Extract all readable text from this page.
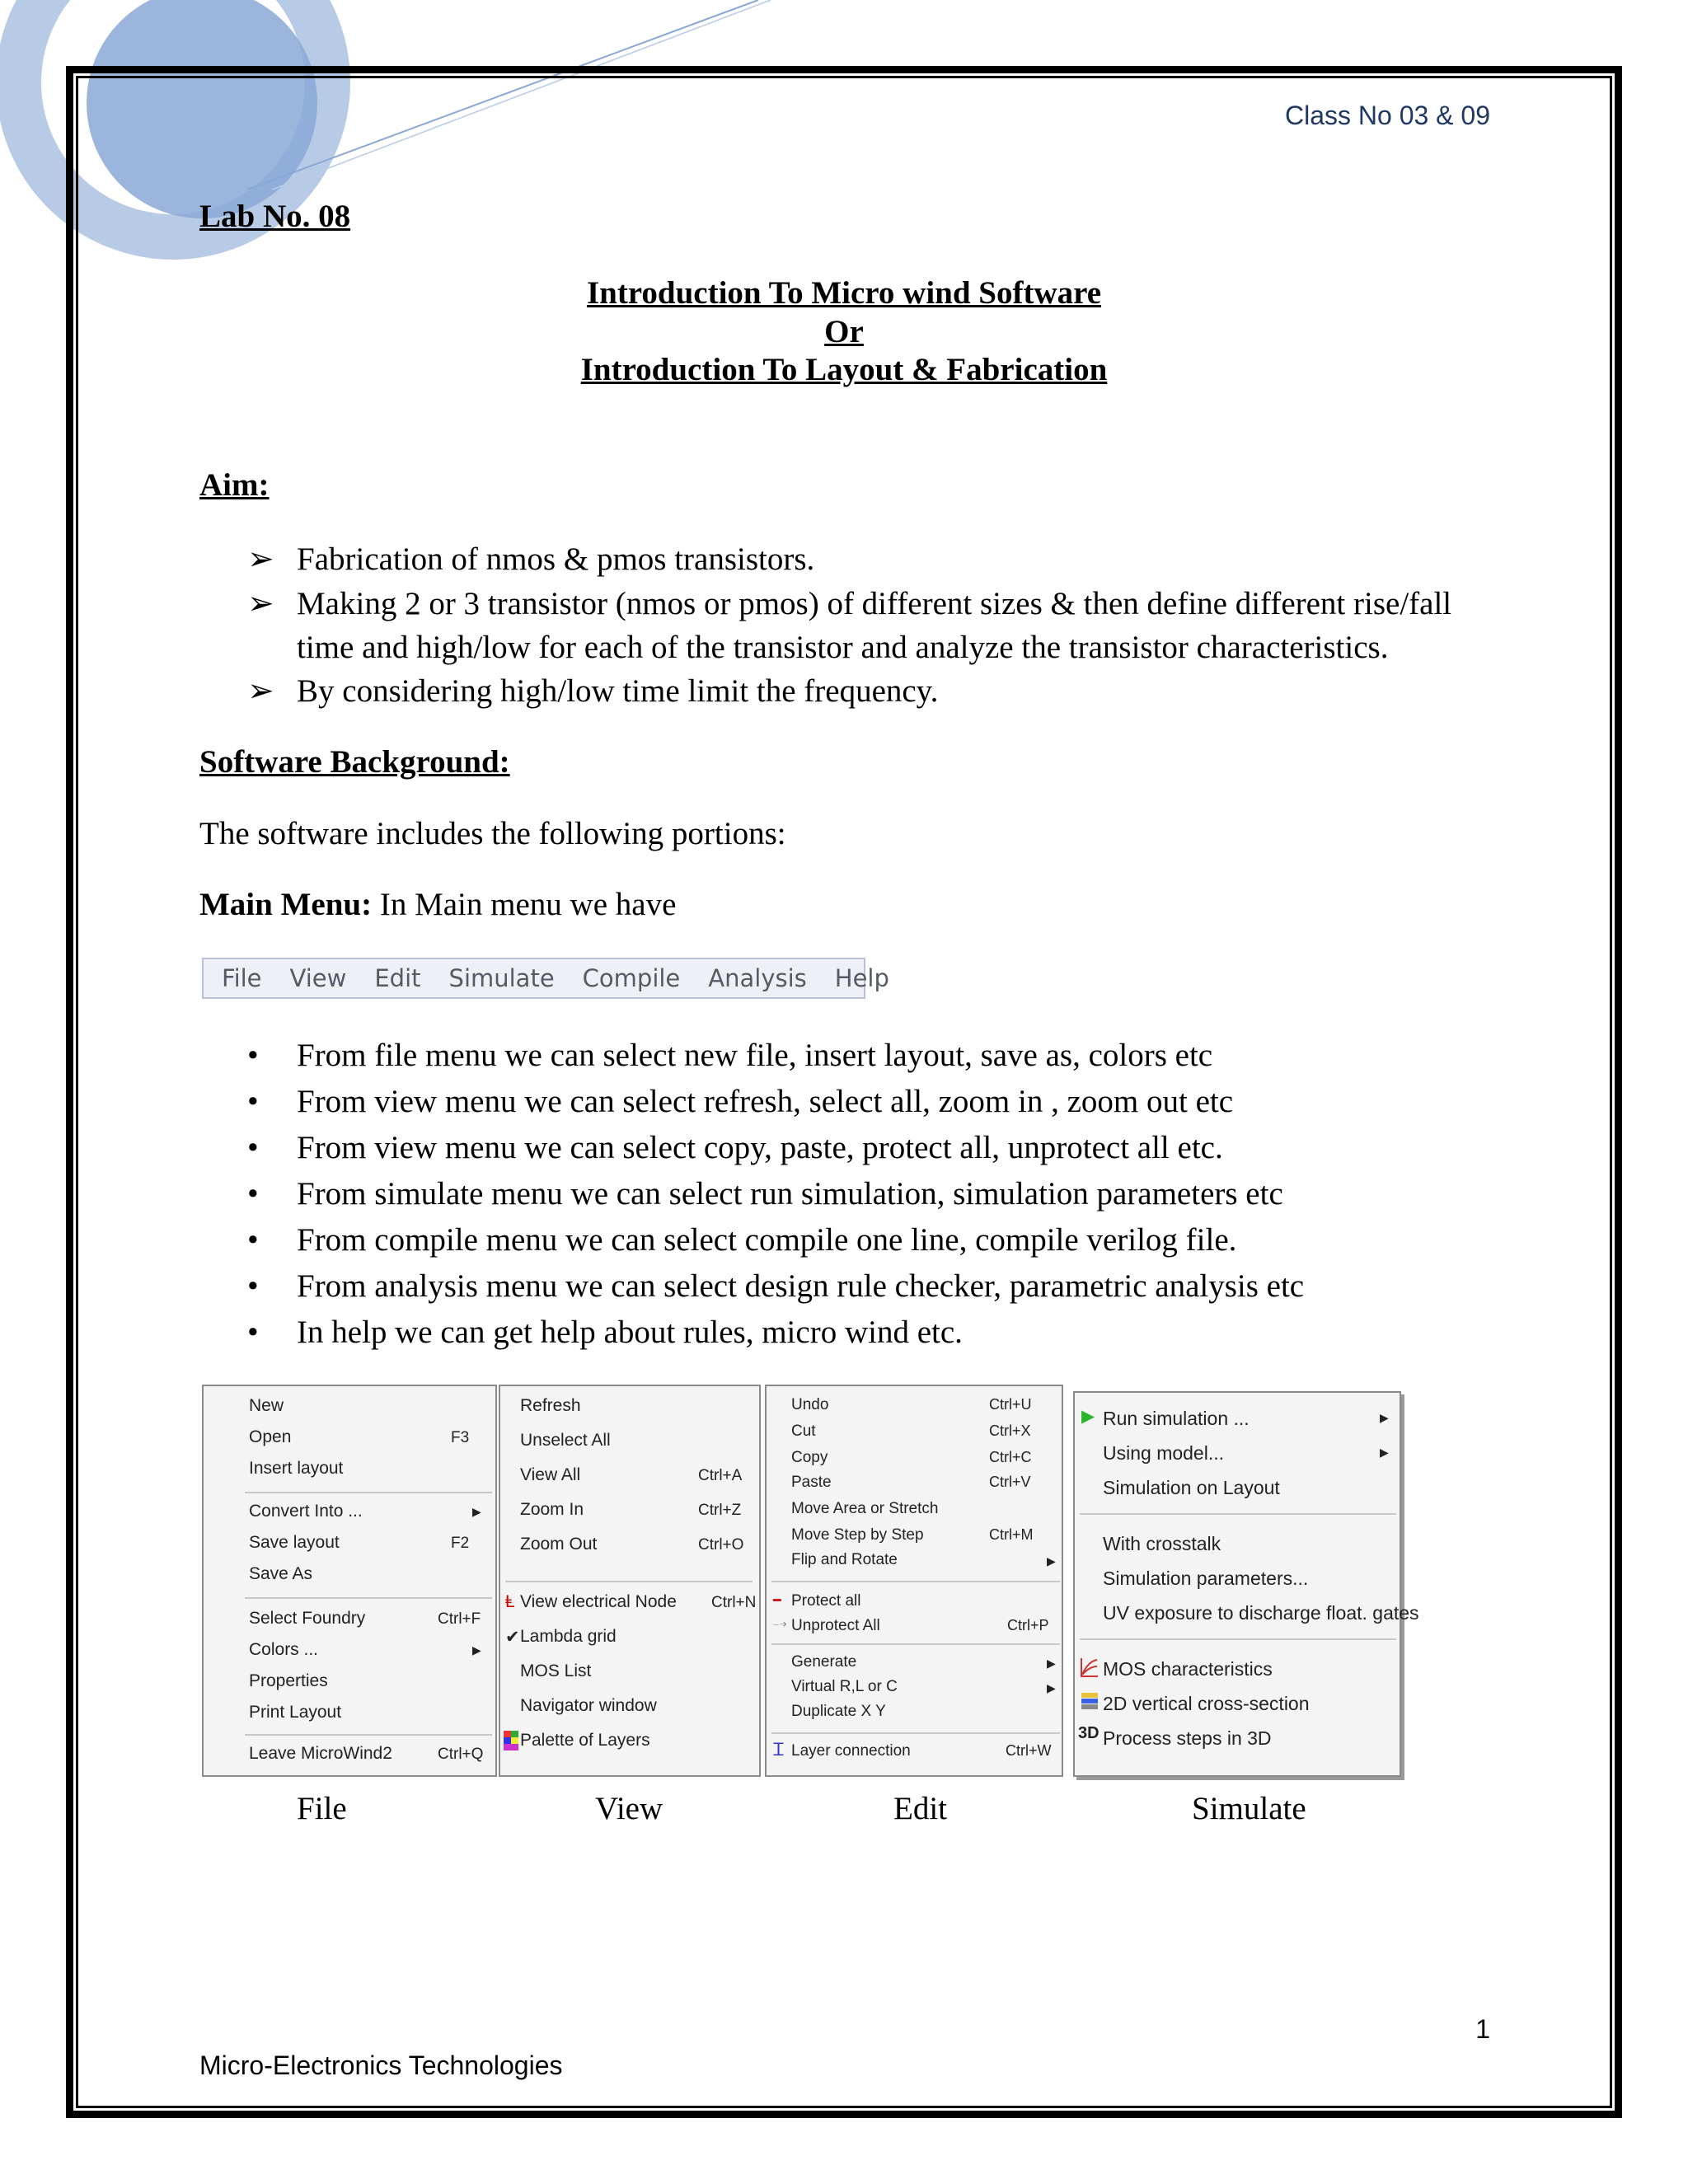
Class No 03 & 09
Lab No. 08
Introduction To Micro wind Software
Or
Introduction To Layout & Fabrication
Aim:
➢ Fabrication of nmos & pmos transistors.
➢ Making 2 or 3 transistor (nmos or pmos) of different sizes & then define different rise/fall
time and high/low for each of the transistor and analyze the transistor characteristics.
➢ By considering high/low time limit the frequency.
Software Background:
The software includes the following portions:
Main Menu: In Main menu we have
File View Edit Simulate Compile Analysis Help
• From file menu we can select new file, insert layout, save as, colors etc
• From view menu we can select refresh, select all, zoom in , zoom out etc
• From view menu we can select copy, paste, protect all, unprotect all etc.
• From simulate menu we can select run simulation, simulation parameters etc
• From compile menu we can select compile one line, compile verilog file.
• From analysis menu we can select design rule checker, parametric analysis etc
• In help we can get help about rules, micro wind etc.
New
Open	F3
Insert layout
Convert Into ...	▶
Save layout	F2
Save As
Select Foundry	Ctrl+F
Colors ...	▶
Properties
Print Layout
Leave MicroWind2	Ctrl+Q
Refresh
Unselect All
View All	Ctrl+A
Zoom In	Ctrl+Z
Zoom Out	Ctrl+O
Ⱡ View electrical Node Ctrl+N
✔ Lambda grid
MOS List
Navigator window
Palette of Layers
Undo	Ctrl+U
Cut	Ctrl+X
Copy	Ctrl+C
Paste	Ctrl+V
Move Area or Stretch
Move Step by Step	Ctrl+M
Flip and Rotate	▶
━ Protect all
⤍ Unprotect All	Ctrl+P
Generate	▶
Virtual R,L or C	▶
Duplicate X Y
Ꮖ Layer connection	Ctrl+W
▶ Run simulation ...	▶
Using model...	▶
Simulation on Layout
With crosstalk
Simulation parameters...
UV exposure to discharge float. gates
MOS characteristics
2D vertical cross-section
3D Process steps in 3D
File	View	Edit	Simulate
1
Micro-Electronics Technologies
